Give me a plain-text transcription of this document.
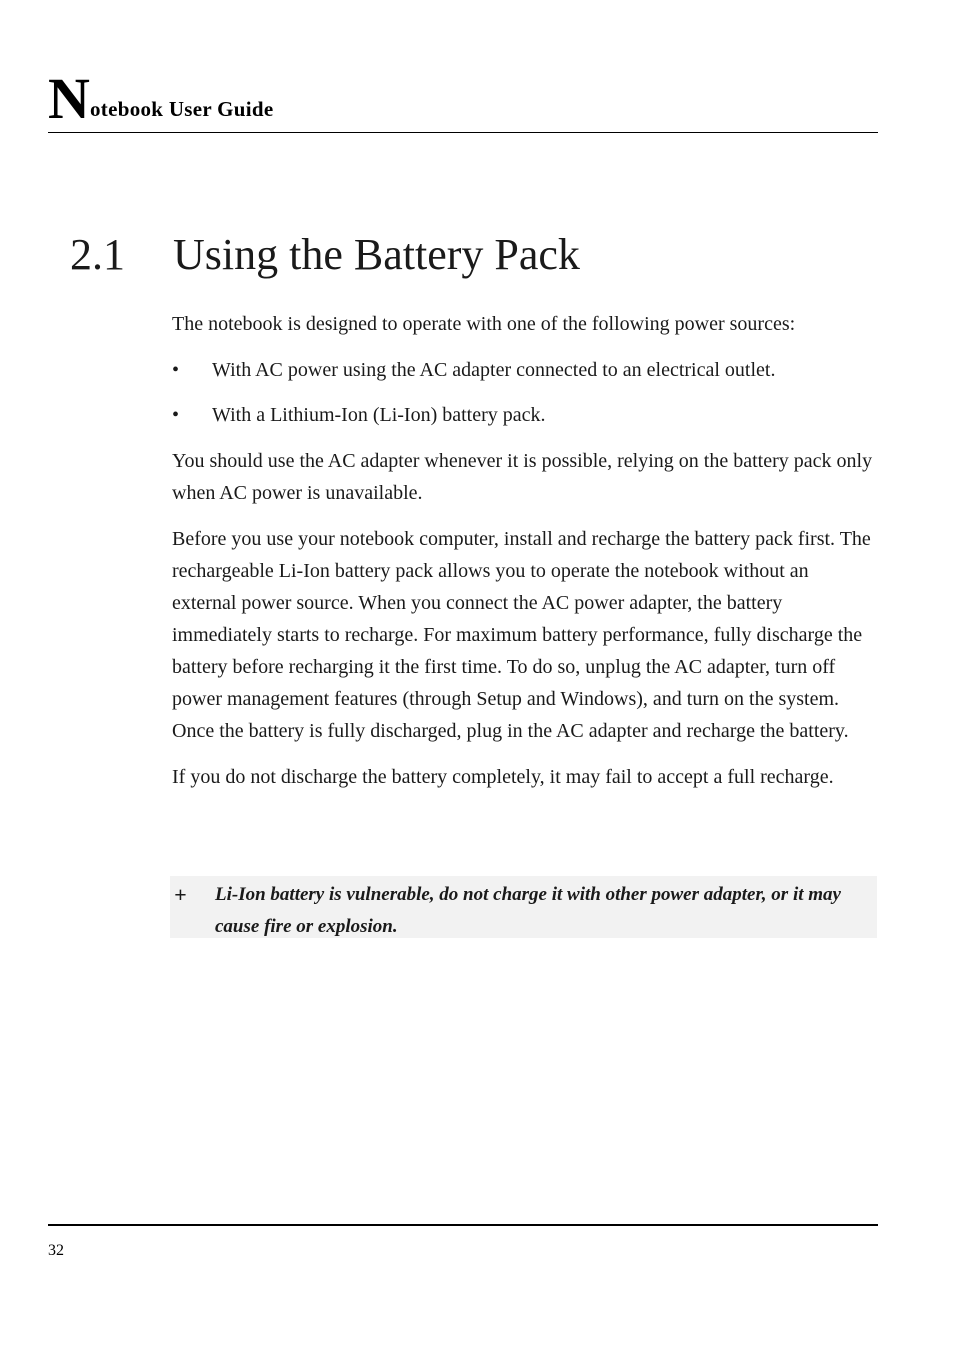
N otebook User Guide
2.1 Using the Battery Pack

The notebook is designed to operate with one of the following power sources:

• With AC power using the AC adapter connected to an electrical outlet.
• With a Lithium-Ion (Li-Ion) battery pack.

You should use the AC adapter whenever it is possible, relying on the battery pack only when AC power is unavailable.

Before you use your notebook computer, install and recharge the battery pack first. The rechargeable Li-Ion battery pack allows you to operate the notebook without an external power source. When you connect the AC power adapter, the battery immediately starts to recharge. For maximum battery performance, fully discharge the battery before recharging it the first time. To do so, unplug the AC adapter, turn off power management features (through Setup and Windows), and turn on the system. Once the battery is fully discharged, plug in the AC adapter and recharge the battery.

If you do not discharge the battery completely, it may fail to accept a full recharge.

+ Li-Ion battery is vulnerable, do not charge it with other power adapter, or it may cause fire or explosion.
32
